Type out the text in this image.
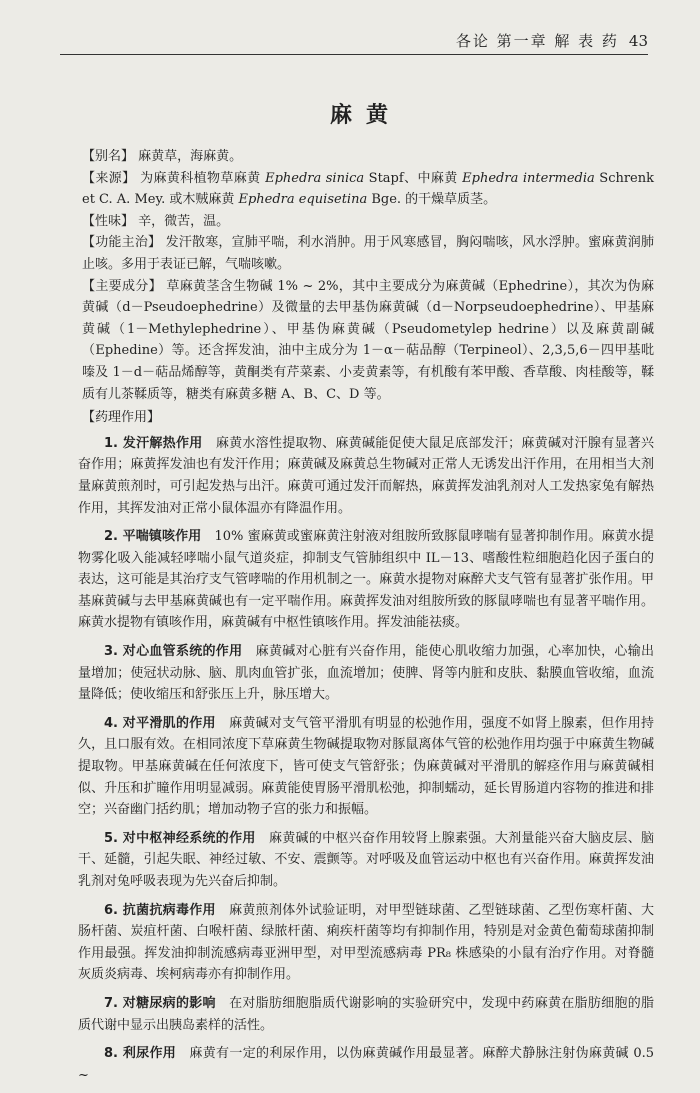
各论 第一章 解 表 药 43
麻黄

【别名】 麻黄草，海麻黄。

【来源】 为麻黄科植物草麻黄 Ephedra sinica Stapf、中麻黄 Ephedra intermedia Schrenk et C. A. Mey. 或木贼麻黄 Ephedra equisetina Bge. 的干燥草质茎。

【性味】 辛，微苦，温。

【功能主治】 发汗散寒，宣肺平喘，利水消肿。用于风寒感冒，胸闷喘咳，风水浮肿。蜜麻黄润肺止咳。多用于表证已解，气喘咳嗽。

【主要成分】 草麻黄茎含生物碱 1% ~ 2%，其中主要成分为麻黄碱（Ephedrine），其次为伪麻黄碱（d－Pseudoephedrine）及微量的去甲基伪麻黄碱（d－Norpseudoephedrine）、甲基麻黄碱（1－Methylephedrine）、甲基伪麻黄碱（Pseudometylep hedrine）以及麻黄副碱（Ephedine）等。还含挥发油，油中主成分为 1－α－萜品醇（Terpineol）、2,3,5,6－四甲基吡嗪及 1－d－萜品烯醇等，黄酮类有芹菜素、小麦黄素等，有机酸有苯甲酸、香草酸、肉桂酸等，鞣质有儿茶鞣质等，糖类有麻黄多糖 A、B、C、D 等。

【药理作用】

1. 发汗解热作用　 麻黄水溶性提取物、麻黄碱能促使大鼠足底部发汗；麻黄碱对汗腺有显著兴奋作用；麻黄挥发油也有发汗作用；麻黄碱及麻黄总生物碱对正常人无诱发出汗作用，在用相当大剂量麻黄煎剂时，可引起发热与出汗。麻黄可通过发汗而解热，麻黄挥发油乳剂对人工发热家兔有解热作用，其挥发油对正常小鼠体温亦有降温作用。

2. 平喘镇咳作用　 10% 蜜麻黄或蜜麻黄注射液对组胺所致豚鼠哮喘有显著抑制作用。麻黄水提物雾化吸入能减轻哮喘小鼠气道炎症，抑制支气管肺组织中 IL－13、嗜酸性粒细胞趋化因子蛋白的表达，这可能是其治疗支气管哮喘的作用机制之一。麻黄水提物对麻醉犬支气管有显著扩张作用。甲基麻黄碱与去甲基麻黄碱也有一定平喘作用。麻黄挥发油对组胺所致的豚鼠哮喘也有显著平喘作用。麻黄水提物有镇咳作用，麻黄碱有中枢性镇咳作用。挥发油能祛痰。

3. 对心血管系统的作用　 麻黄碱对心脏有兴奋作用，能使心肌收缩力加强，心率加快，心输出量增加；使冠状动脉、脑、肌肉血管扩张，血流增加；使脾、肾等内脏和皮肤、黏膜血管收缩，血流量降低；使收缩压和舒张压上升，脉压增大。

4. 对平滑肌的作用　 麻黄碱对支气管平滑肌有明显的松弛作用，强度不如肾上腺素，但作用持久，且口服有效。在相同浓度下草麻黄生物碱提取物对豚鼠离体气管的松弛作用均强于中麻黄生物碱提取物。甲基麻黄碱在任何浓度下，皆可使支气管舒张；伪麻黄碱对平滑肌的解痉作用与麻黄碱相似、升压和扩瞳作用明显减弱。麻黄能使胃肠平滑肌松弛，抑制蠕动，延长胃肠道内容物的推进和排空；兴奋幽门括约肌；增加动物子宫的张力和振幅。

5. 对中枢神经系统的作用　 麻黄碱的中枢兴奋作用较肾上腺素强。大剂量能兴奋大脑皮层、脑干、延髓，引起失眠、神经过敏、不安、震颤等。对呼吸及血管运动中枢也有兴奋作用。麻黄挥发油乳剂对兔呼吸表现为先兴奋后抑制。

6. 抗菌抗病毒作用　 麻黄煎剂体外试验证明，对甲型链球菌、乙型链球菌、乙型伤寒杆菌、大肠杆菌、炭疽杆菌、白喉杆菌、绿脓杆菌、痢疾杆菌等均有抑制作用，特别是对金黄色葡萄球菌抑制作用最强。挥发油抑制流感病毒亚洲甲型，对甲型流感病毒 PR₈ 株感染的小鼠有治疗作用。对脊髓灰质炎病毒、埃柯病毒亦有抑制作用。

7. 对糖尿病的影响　 在对脂肪细胞脂质代谢影响的实验研究中，发现中药麻黄在脂肪细胞的脂质代谢中显示出胰岛素样的活性。

8. 利尿作用　 麻黄有一定的利尿作用，以伪麻黄碱作用最显著。麻醉犬静脉注射伪麻黄碱 0.5 ~
